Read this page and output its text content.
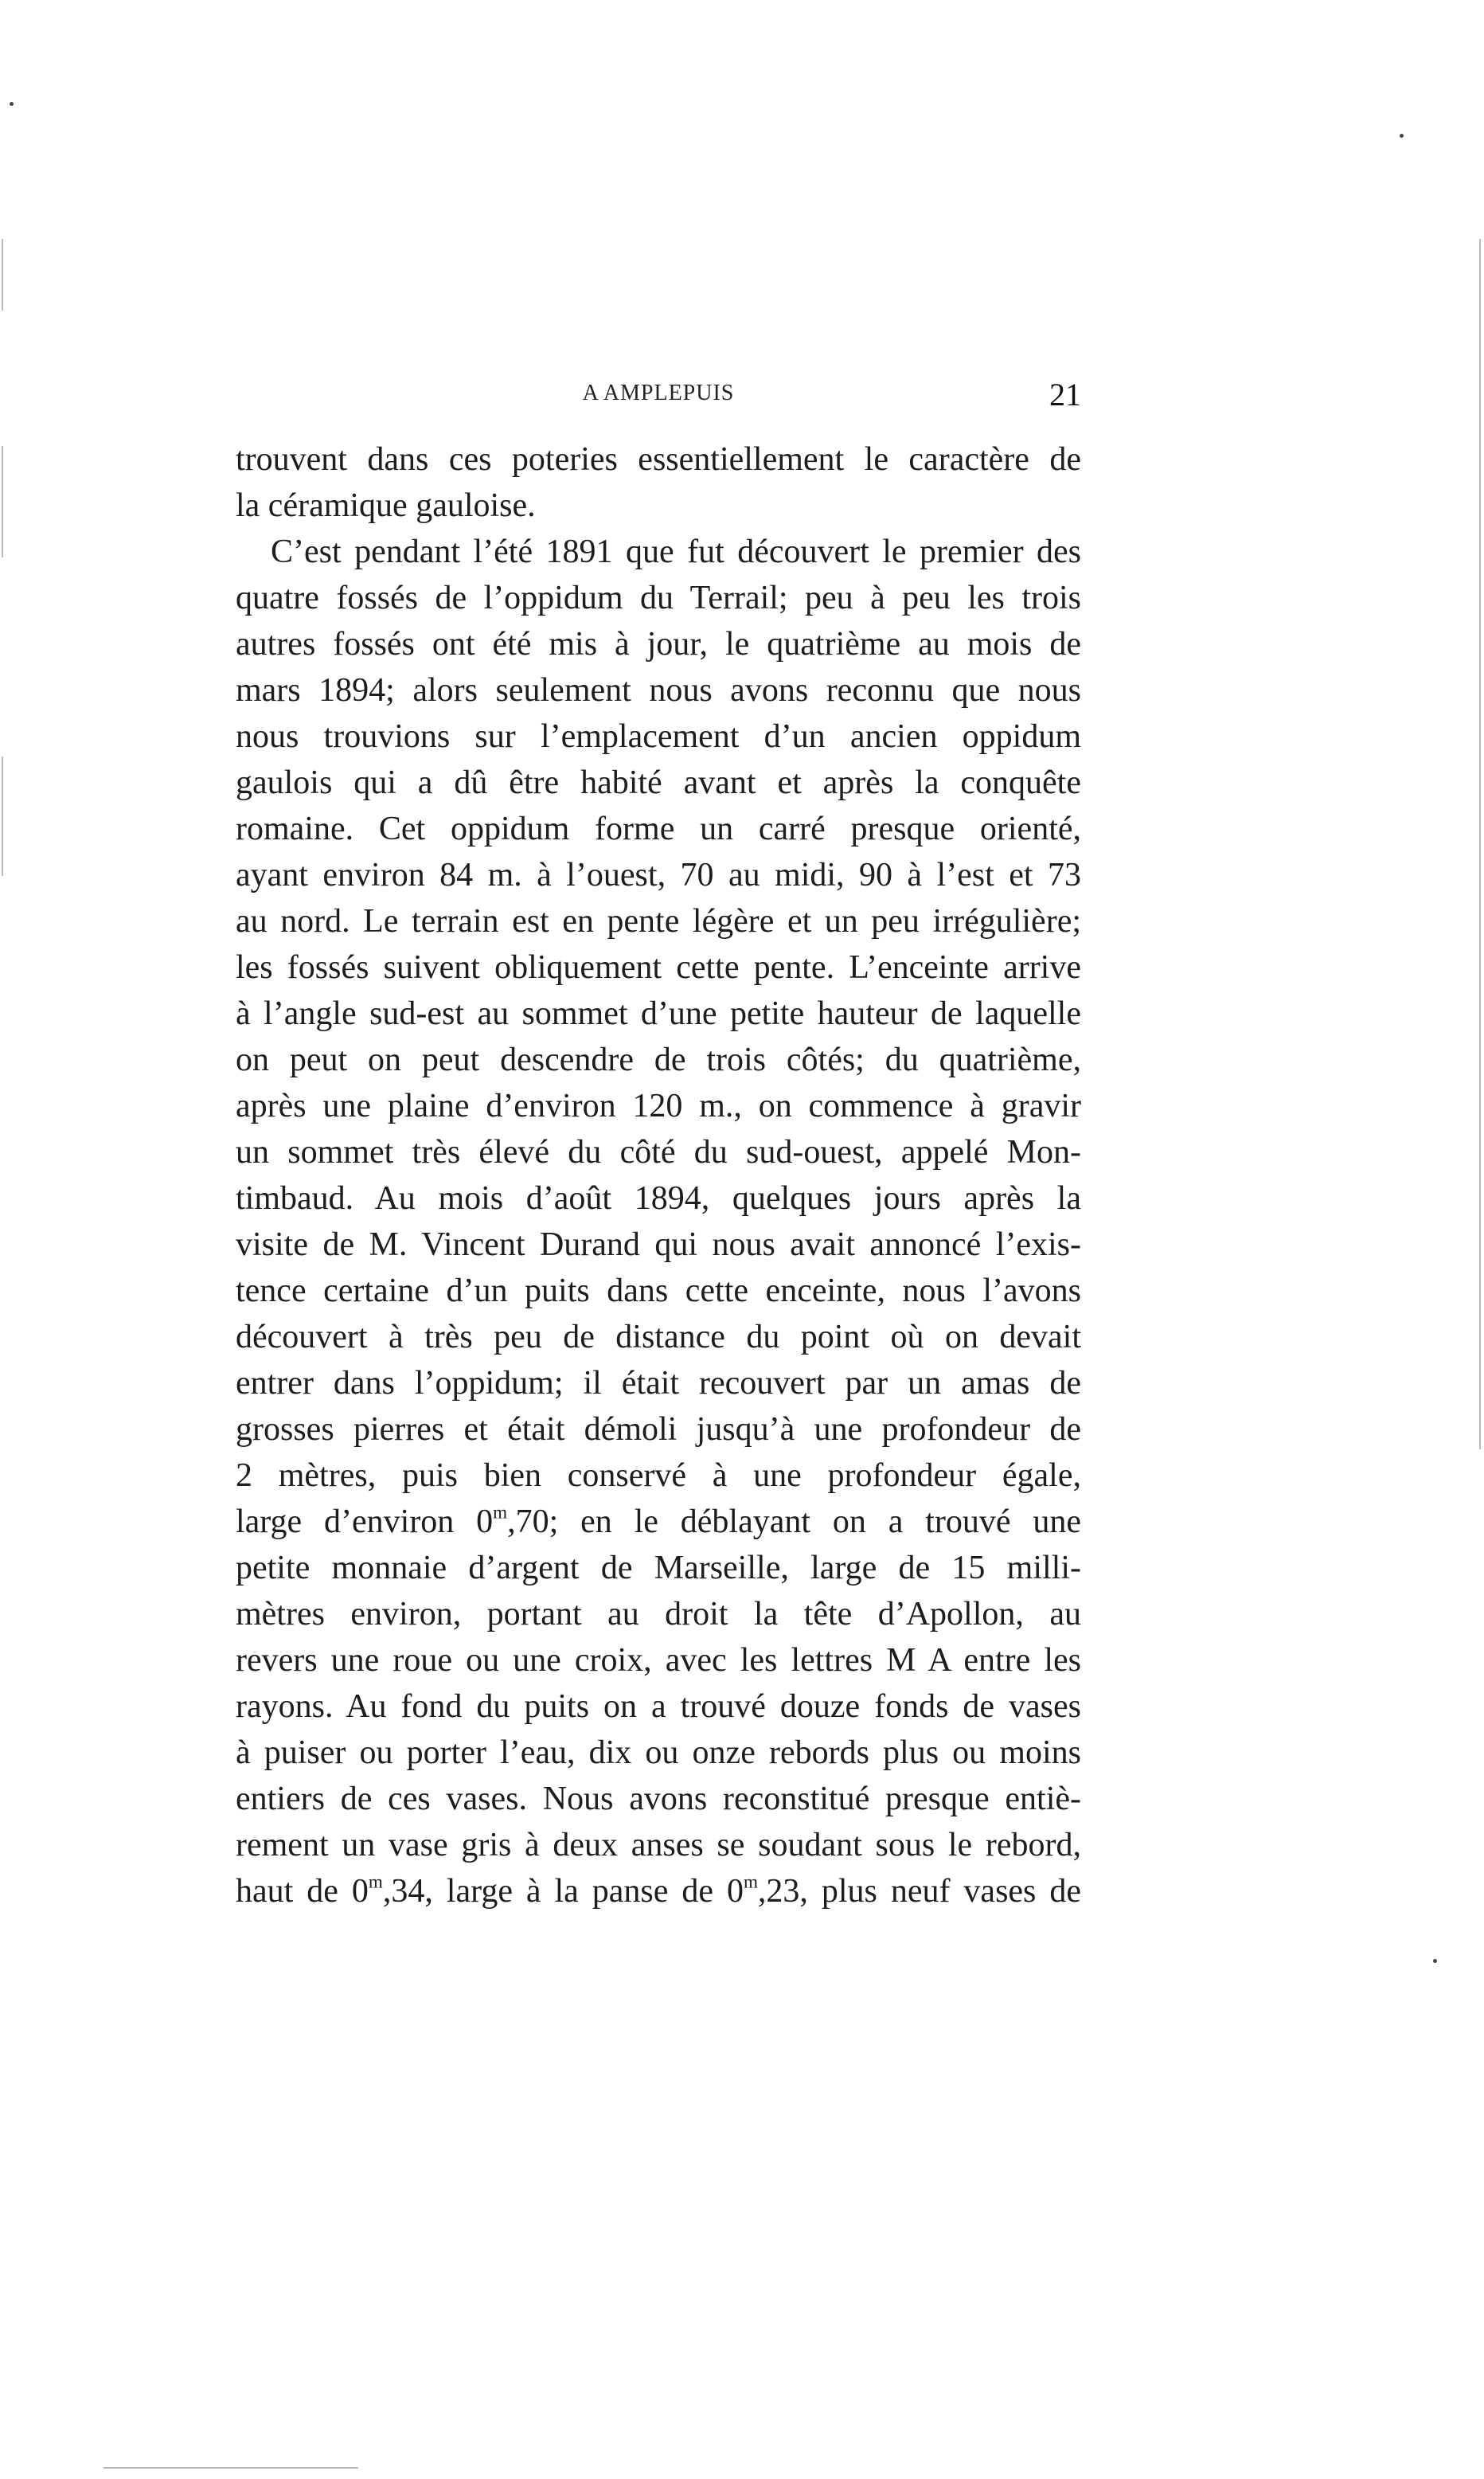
A AMPLEPUIS	21
trouvent dans ces poteries essentiellement le caractère de
la céramique gauloise.
C’est pendant l’été 1891 que fut découvert le premier des
quatre fossés de l’oppidum du Terrail; peu à peu les trois
autres fossés ont été mis à jour, le quatrième au mois de
mars 1894; alors seulement nous avons reconnu que nous
nous trouvions sur l’emplacement d’un ancien oppidum
gaulois qui a dû être habité avant et après la conquête
romaine. Cet oppidum forme un carré presque orienté,
ayant environ 84 m. à l’ouest, 70 au midi, 90 à l’est et 73
au nord. Le terrain est en pente légère et un peu irrégulière;
les fossés suivent obliquement cette pente. L’enceinte arrive
à l’angle sud-est au sommet d’une petite hauteur de laquelle
on peut on peut descendre de trois côtés; du quatrième,
après une plaine d’environ 120 m., on commence à gravir
un sommet très élevé du côté du sud-ouest, appelé Mon-
timbaud. Au mois d’août 1894, quelques jours après la
visite de M. Vincent Durand qui nous avait annoncé l’exis-
tence certaine d’un puits dans cette enceinte, nous l’avons
découvert à très peu de distance du point où on devait
entrer dans l’oppidum; il était recouvert par un amas de
grosses pierres et était démoli jusqu’à une profondeur de
2 mètres, puis bien conservé à une profondeur égale,
large d’environ 0$^m$,70; en le déblayant on a trouvé une
petite monnaie d’argent de Marseille, large de 15 milli-
mètres environ, portant au droit la tête d’Apollon, au
revers une roue ou une croix, avec les lettres M A entre les
rayons. Au fond du puits on a trouvé douze fonds de vases
à puiser ou porter l’eau, dix ou onze rebords plus ou moins
entiers de ces vases. Nous avons reconstitué presque entiè-
rement un vase gris à deux anses se soudant sous le rebord,
haut de 0$^m$,34, large à la panse de 0$^m$,23, plus neuf vases de
